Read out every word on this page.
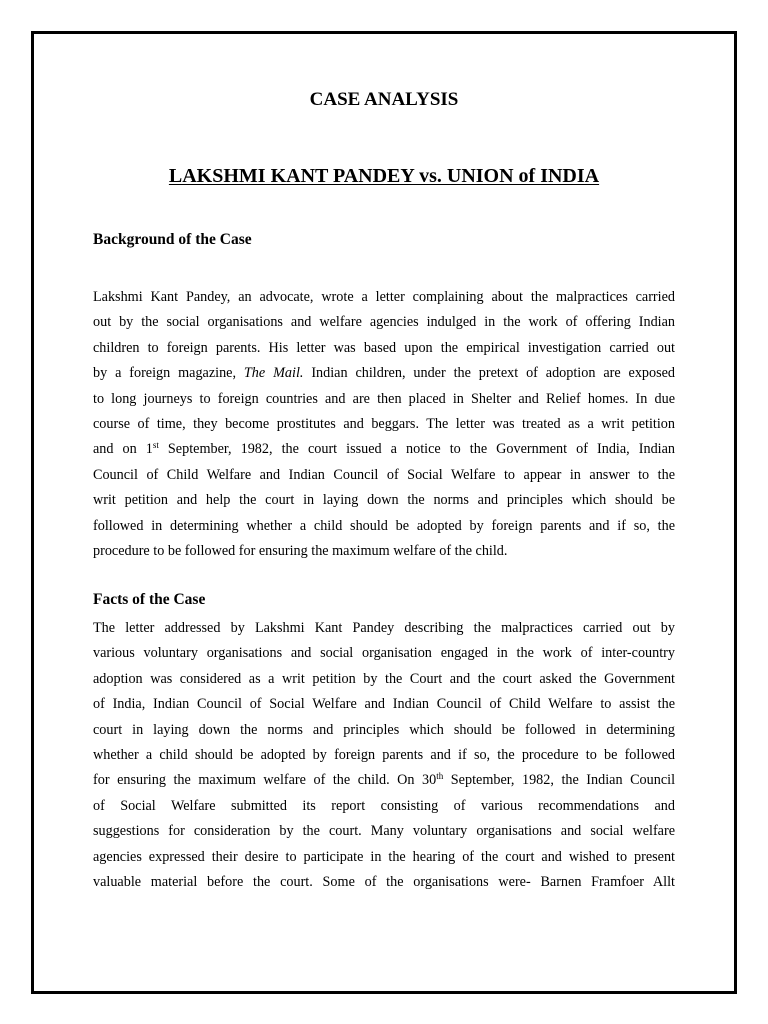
CASE ANALYSIS
LAKSHMI KANT PANDEY vs. UNION of INDIA
Background of the Case
Lakshmi Kant Pandey, an advocate, wrote a letter complaining about the malpractices carried
out by the social organisations and welfare agencies indulged in the work of offering Indian
children to foreign parents. His letter was based upon the empirical investigation carried out
by a foreign magazine, The Mail. Indian children, under the pretext of adoption are exposed
to long journeys to foreign countries and are then placed in Shelter and Relief homes. In due
course of time, they become prostitutes and beggars. The letter was treated as a writ petition
and on 1st September, 1982, the court issued a notice to the Government of India, Indian
Council of Child Welfare and Indian Council of Social Welfare to appear in answer to the
writ petition and help the court in laying down the norms and principles which should be
followed in determining whether a child should be adopted by foreign parents and if so, the
procedure to be followed for ensuring the maximum welfare of the child.
Facts of the Case
The letter addressed by Lakshmi Kant Pandey describing the malpractices carried out by
various voluntary organisations and social organisation engaged in the work of inter-country
adoption was considered as a writ petition by the Court and the court asked the Government
of India, Indian Council of Social Welfare and Indian Council of Child Welfare to assist the
court in laying down the norms and principles which should be followed in determining
whether a child should be adopted by foreign parents and if so, the procedure to be followed
for ensuring the maximum welfare of the child. On 30th September, 1982, the Indian Council
of Social Welfare submitted its report consisting of various recommendations and
suggestions for consideration by the court. Many voluntary organisations and social welfare
agencies expressed their desire to participate in the hearing of the court and wished to present
valuable material before the court. Some of the organisations were- Barnen Framfoer Allt
